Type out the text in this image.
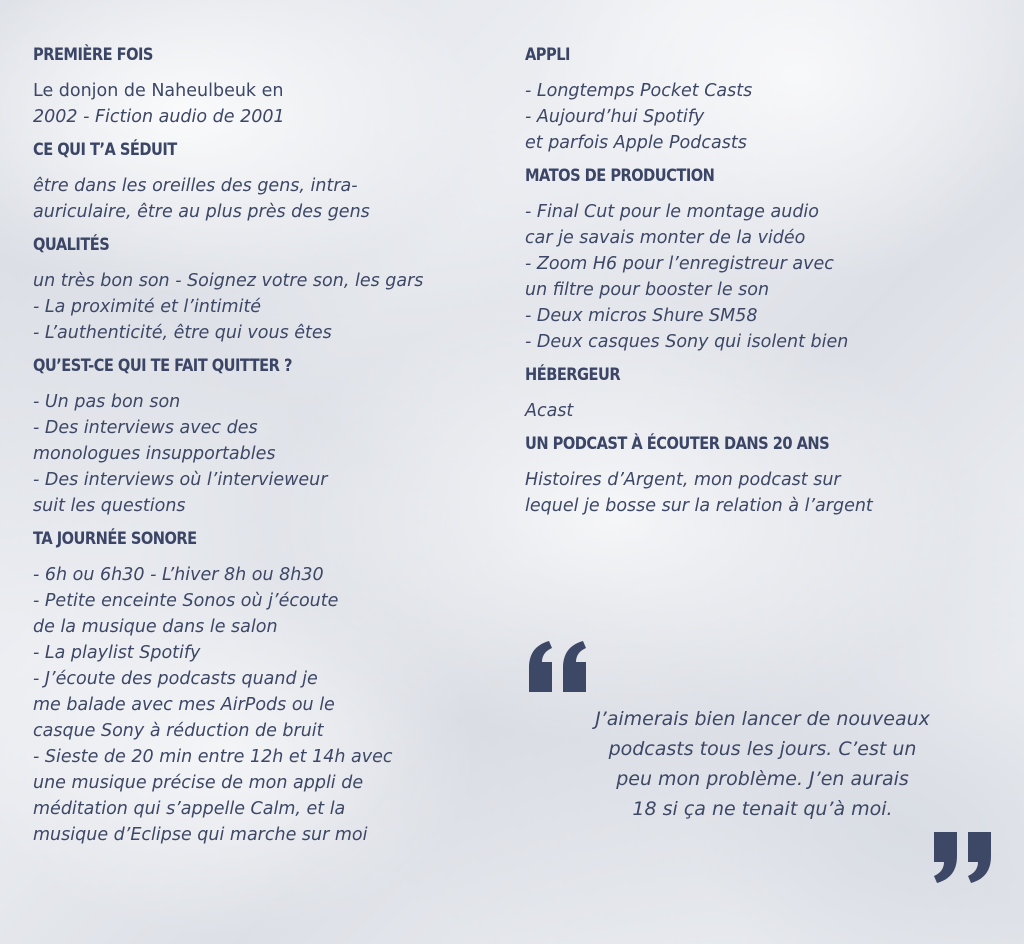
PREMIÈRE FOIS
Le donjon de Naheulbeuk en
2002 - Fiction audio de 2001
CE QUI T’A SÉDUIT
être dans les oreilles des gens, intra-
auriculaire, être au plus près des gens
QUALITÉS
un très bon son - Soignez votre son, les gars
- La proximité et l’intimité
- L’authenticité, être qui vous êtes
QU’EST-CE QUI TE FAIT QUITTER ?
- Un pas bon son
- Des interviews avec des
monologues insupportables
- Des interviews où l’intervieweur
suit les questions
TA JOURNÉE SONORE
- 6h ou 6h30 - L’hiver 8h ou 8h30
- Petite enceinte Sonos où j’écoute
de la musique dans le salon
- La playlist Spotify
- J’écoute des podcasts quand je
me balade avec mes AirPods ou le
casque Sony à réduction de bruit
- Sieste de 20 min entre 12h et 14h avec
une musique précise de mon appli de
méditation qui s’appelle Calm, et la
musique d’Eclipse qui marche sur moi
APPLI
- Longtemps Pocket Casts
- Aujourd’hui Spotify
et parfois Apple Podcasts
MATOS DE PRODUCTION
- Final Cut pour le montage audio
car je savais monter de la vidéo
- Zoom H6 pour l’enregistreur avec
un filtre pour booster le son
- Deux micros Shure SM58
- Deux casques Sony qui isolent bien
HÉBERGEUR
Acast
UN PODCAST À ÉCOUTER DANS 20 ANS
Histoires d’Argent, mon podcast sur
lequel je bosse sur la relation à l’argent
J’aimerais bien lancer de nouveaux
podcasts tous les jours. C’est un
peu mon problème. J’en aurais
18 si ça ne tenait qu’à moi.
